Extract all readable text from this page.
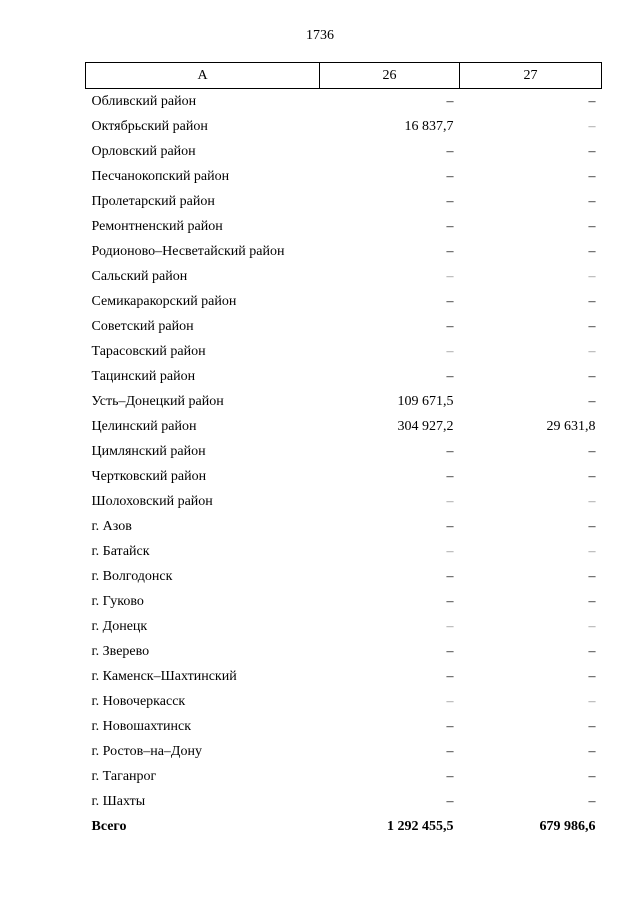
1736
А	26	27
Обливский район	–	–
Октябрьский район	16 837,7	–
Орловский район	–	–
Песчанокопский район	–	–
Пролетарский район	–	–
Ремонтненский район	–	–
Родионово–Несветайский район	–	–
Сальский район	–	–
Семикаракорский район	–	–
Советский район	–	–
Тарасовский район	–	–
Тацинский район	–	–
Усть–Донецкий район	109 671,5	–
Целинский район	304 927,2	29 631,8
Цимлянский район	–	–
Чертковский район	–	–
Шолоховский район	–	–
г. Азов	–	–
г. Батайск	–	–
г. Волгодонск	–	–
г. Гуково	–	–
г. Донецк	–	–
г. Зверево	–	–
г. Каменск–Шахтинский	–	–
г. Новочеркасск	–	–
г. Новошахтинск	–	–
г. Ростов–на–Дону	–	–
г. Таганрог	–	–
г. Шахты	–	–
Всего	1 292 455,5	679 986,6
